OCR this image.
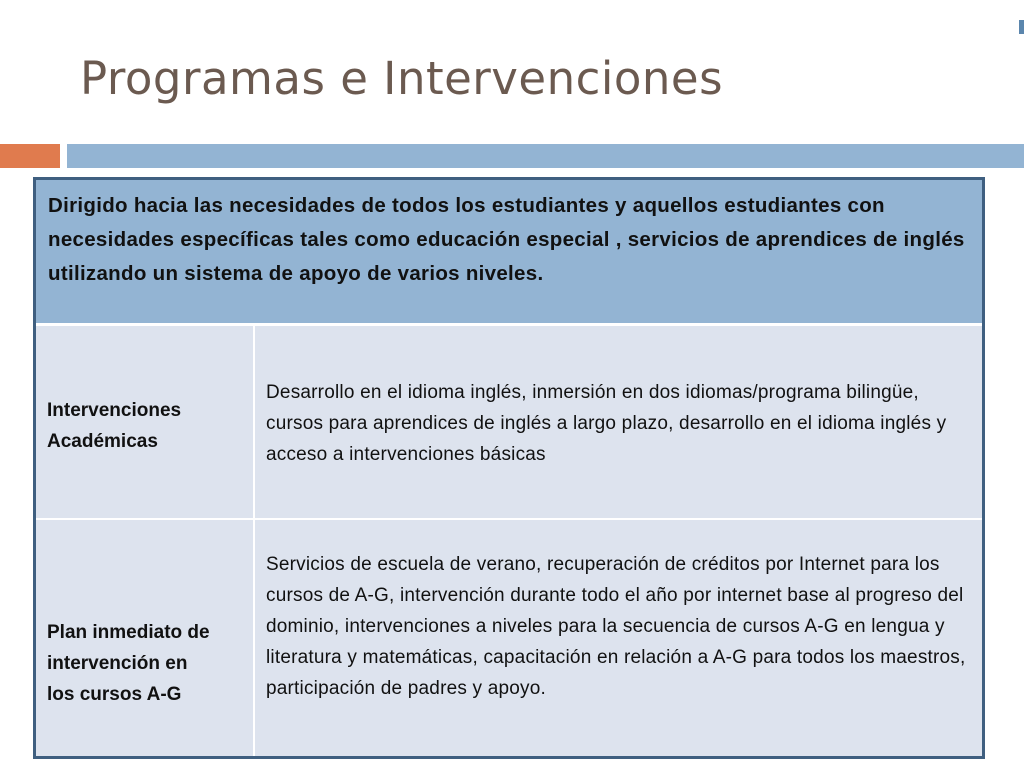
Programas e Intervenciones
Dirigido hacia las necesidades de todos los estudiantes y aquellos estudiantes con necesidades específicas tales como educación especial , servicios de aprendices de inglés utilizando un sistema de apoyo de varios niveles.
Intervenciones
Académicas
Desarrollo en el idioma inglés, inmersión en dos idiomas/programa bilingüe, cursos para aprendices de inglés a largo plazo, desarrollo en el idioma inglés y acceso a intervenciones básicas
Plan inmediato de
intervención en
los cursos A-G
Servicios de escuela de verano, recuperación de créditos por Internet para los cursos de A-G, intervención durante todo el año por internet base al progreso del dominio, intervenciones a niveles para la secuencia de cursos A-G en lengua y literatura y matemáticas, capacitación en relación a A-G para todos los maestros, participación de padres y apoyo.
